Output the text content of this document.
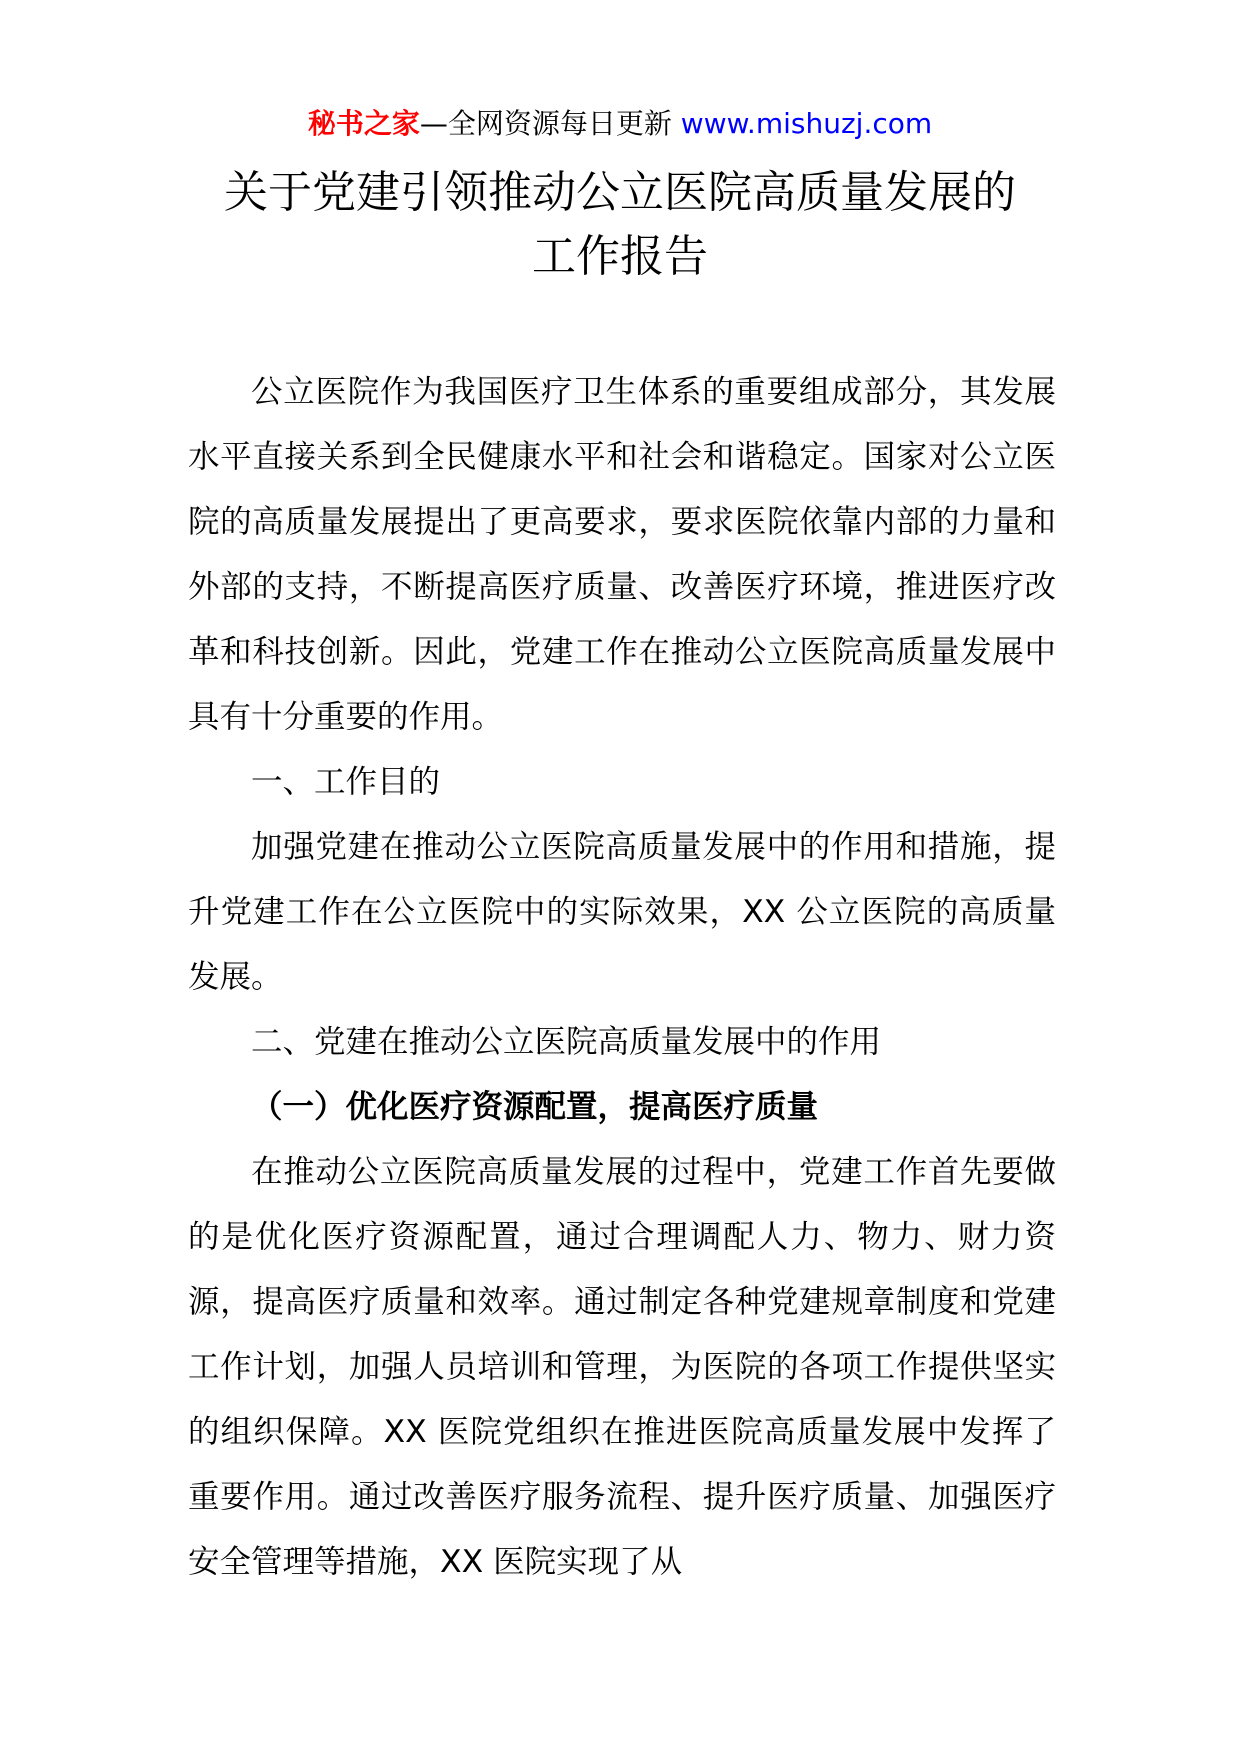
秘书之家—全网资源每日更新 www.mishuzj.com
关于党建引领推动公立医院高质量发展的
工作报告

公立医院作为我国医疗卫生体系的重要组成部分，其发展水平直接关系到全民健康水平和社会和谐稳定。国家对公立医院的高质量发展提出了更高要求，要求医院依靠内部的力量和外部的支持，不断提高医疗质量、改善医疗环境，推进医疗改革和科技创新。因此，党建工作在推动公立医院高质量发展中具有十分重要的作用。

一、工作目的

加强党建在推动公立医院高质量发展中的作用和措施，提升党建工作在公立医院中的实际效果，XX 公立医院的高质量发展。

二、党建在推动公立医院高质量发展中的作用

（一）优化医疗资源配置，提高医疗质量

在推动公立医院高质量发展的过程中，党建工作首先要做的是优化医疗资源配置，通过合理调配人力、物力、财力资源，提高医疗质量和效率。通过制定各种党建规章制度和党建工作计划，加强人员培训和管理，为医院的各项工作提供坚实的组织保障。XX 医院党组织在推进医院高质量发展中发挥了重要作用。通过改善医疗服务流程、提升医疗质量、加强医疗安全管理等措施，XX 医院实现了从
